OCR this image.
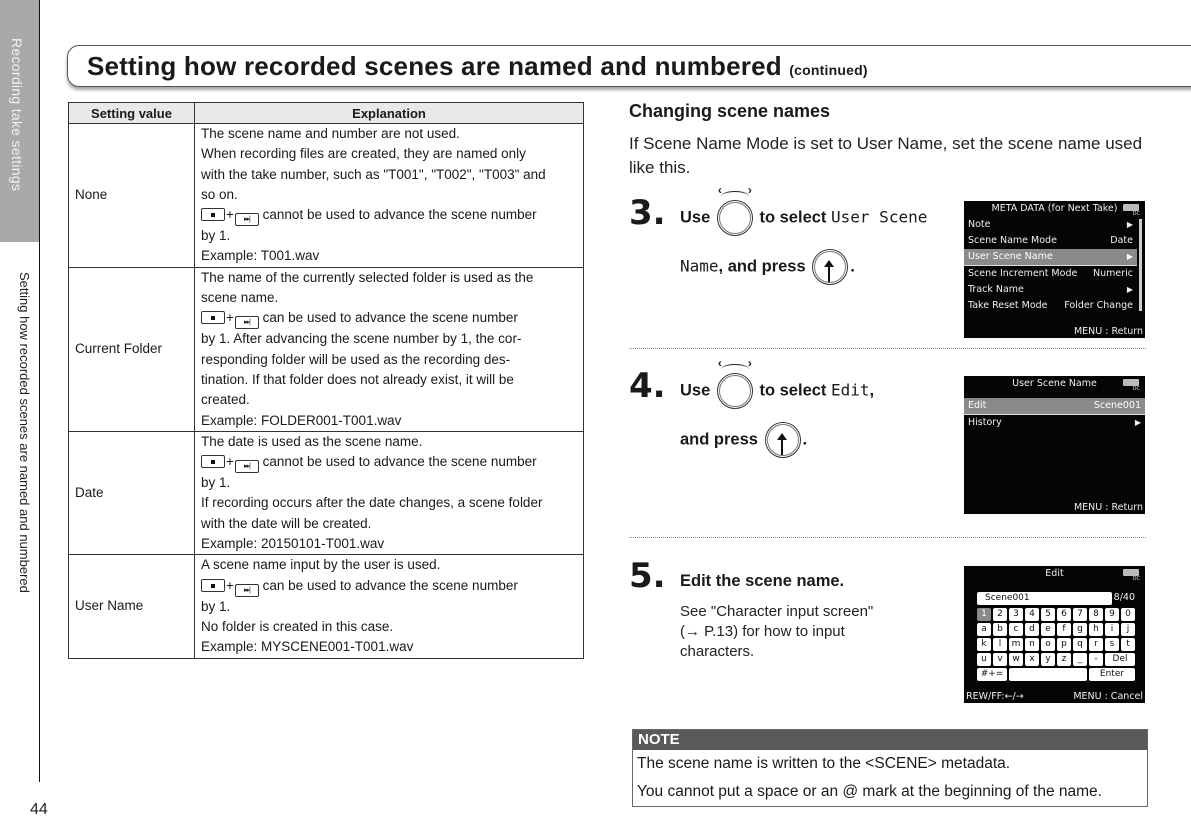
Recording take settings
Setting how recorded scenes are named and numbered
44
Setting how recorded scenes are named and numbered (continued)
Setting value	Explanation
None	
The scene name and number are not used.
When recording files are created, they are named only
with the take number, such as "T001", "T002", "T003" and
so on.
+ ▸▸| cannot be used to advance the scene number
by 1.
Example: T001.wav

Current Folder	
The name of the currently selected folder is used as the
scene name.
+ ▸▸| can be used to advance the scene number
by 1. After advancing the scene number by 1, the cor-
responding folder will be used as the recording des-
tination. If that folder does not already exist, it will be
created.
Example: FOLDER001-T001.wav

Date	
The date is used as the scene name.
+ ▸▸| cannot be used to advance the scene number
by 1.
If recording occurs after the date changes, a scene folder
with the date will be created.
Example: 20150101-T001.wav

User Name	A scene name input by the user is used.
+ ▸▸| can be used to advance the scene number
by 1.
No folder is created in this case.
Example: MYSCENE001-T001.wav
Changing scene names
If Scene Name Mode is set to User Name, set the scene name used like this.
3. Use
‹ ›	to select User Scene
Name, and press	.
META DATA (for Next Take)	DC
Note	▶
Scene Name Mode	Date
User Scene Name	▶
Scene Increment Mode Numeric
Track Name	▶
Take Reset Mode Folder Change
MENU : Return
4. Use
‹ ›	to select Edit,
and press	.
User Scene Name	DC
Edit	Scene001
History	▶
MENU : Return
5. Edit the scene name.
See "Character input screen"
(→ P.13) for how to input
characters.
Edit	DC
Scene001	8/40
1	2	3	4	5	6	7	8	9	0
a	b	c	d	e	f	g	h	i	j
k	l	m n	o	p	q	r	s	t
u	v	w	x	y	z	_	-	Del
#+=	Enter
REW/FF:←/→	MENU : Cancel
NOTE
The scene name is written to the <SCENE> metadata.
You cannot put a space or an @ mark at the beginning of the name.
